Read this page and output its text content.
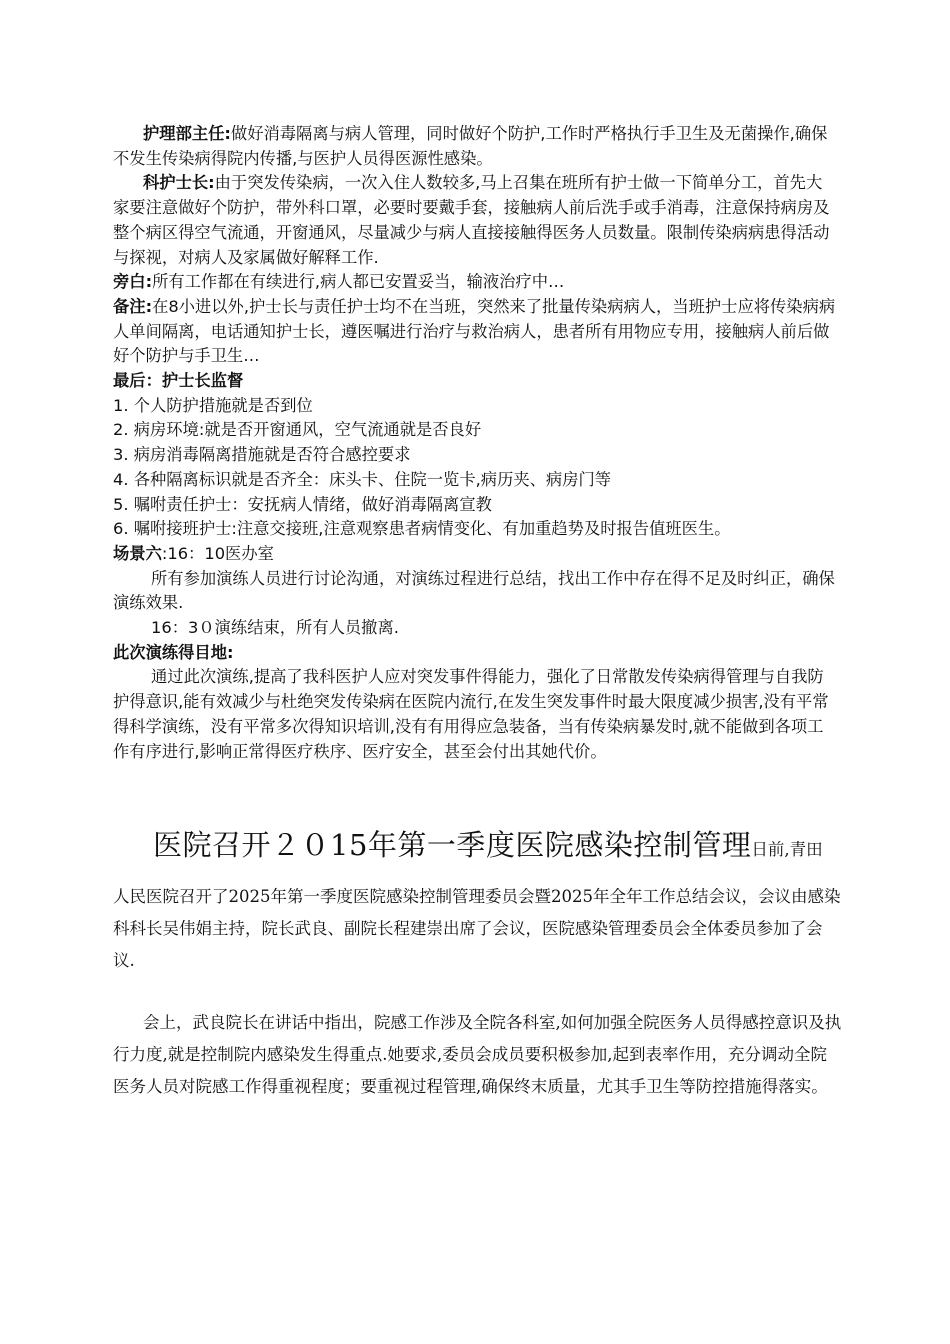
护理部主任:做好消毒隔离与病人管理，同时做好个防护,工作时严格执行手卫生及无菌操作,确保不发生传染病得院内传播,与医护人员得医源性感染。

科护士长:由于突发传染病，一次入住人数较多,马上召集在班所有护士做一下简单分工，首先大家要注意做好个防护，带外科口罩，必要时要戴手套，接触病人前后洗手或手消毒，注意保持病房及整个病区得空气流通，开窗通风，尽量减少与病人直接接触得医务人员数量。限制传染病病患得活动与探视，对病人及家属做好解释工作.

旁白:所有工作都在有续进行,病人都已安置妥当，输液治疗中…

备注:在8小进以外,护士长与责任护士均不在当班，突然来了批量传染病病人，当班护士应将传染病病人单间隔离，电话通知护士长，遵医嘱进行治疗与救治病人，患者所有用物应专用，接触病人前后做好个防护与手卫生…

最后：护士长监督

1. 个人防护措施就是否到位

2. 病房环境:就是否开窗通风，空气流通就是否良好

3. 病房消毒隔离措施就是否符合感控要求

4. 各种隔离标识就是否齐全：床头卡、住院一览卡,病历夹、病房门等

5. 嘱咐责任护士：安抚病人情绪，做好消毒隔离宣教

6. 嘱咐接班护士:注意交接班,注意观察患者病情变化、有加重趋势及时报告值班医生。

场景六:16：10医办室

所有参加演练人员进行讨论沟通，对演练过程进行总结，找出工作中存在得不足及时纠正，确保演练效果.

16：3０演练结束，所有人员撤离.

此次演练得目地:

通过此次演练,提高了我科医护人应对突发事件得能力，强化了日常散发传染病得管理与自我防护得意识,能有效减少与杜绝突发传染病在医院内流行,在发生突发事件时最大限度减少损害,没有平常得科学演练，没有平常多次得知识培训,没有有用得应急装备，当有传染病暴发时,就不能做到各项工作有序进行,影响正常得医疗秩序、医疗安全，甚至会付出其她代价。

医院召开２０15年第一季度医院感染控制管理日前,青田

人民医院召开了2025年第一季度医院感染控制管理委员会暨2025年全年工作总结会议，会议由感染科科长吴伟娟主持，院长武良、副院长程建崇出席了会议，医院感染管理委员会全体委员参加了会议.

会上，武良院长在讲话中指出，院感工作涉及全院各科室,如何加强全院医务人员得感控意识及执行力度,就是控制院内感染发生得重点.她要求,委员会成员要积极参加,起到表率作用，充分调动全院医务人员对院感工作得重视程度；要重视过程管理,确保终末质量，尤其手卫生等防控措施得落实。
